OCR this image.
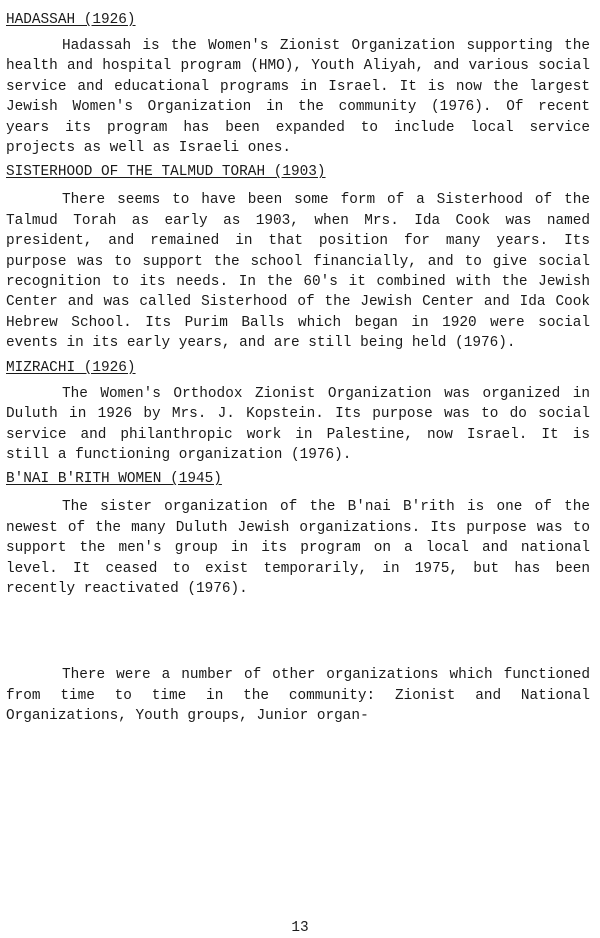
HADASSAH (1926)

Hadassah is the Women's Zionist Organization supporting the health and hospital program (HMO), Youth Aliyah, and various social service and educational programs in Israel. It is now the largest Jewish Women's Organization in the community (1976). Of recent years its program has been expanded to include local service projects as well as Israeli ones.

SISTERHOOD OF THE TALMUD TORAH (1903)

There seems to have been some form of a Sisterhood of the Talmud Torah as early as 1903, when Mrs. Ida Cook was named president, and remained in that position for many years. Its purpose was to support the school financially, and to give social recognition to its needs. In the 60's it combined with the Jewish Center and was called Sisterhood of the Jewish Center and Ida Cook Hebrew School. Its Purim Balls which began in 1920 were social events in its early years, and are still being held (1976).

MIZRACHI (1926)

The Women's Orthodox Zionist Organization was organized in Duluth in 1926 by Mrs. J. Kopstein. Its purpose was to do social service and philanthropic work in Palestine, now Israel. It is still a functioning organization (1976).

B'NAI B'RITH WOMEN (1945)

The sister organization of the B'nai B'rith is one of the newest of the many Duluth Jewish organizations. Its purpose was to support the men's group in its program on a local and national level. It ceased to exist temporarily, in 1975, but has been recently reactivated (1976).

There were a number of other organizations which functioned from time to time in the community: Zionist and National Organizations, Youth groups, Junior organ-

13
